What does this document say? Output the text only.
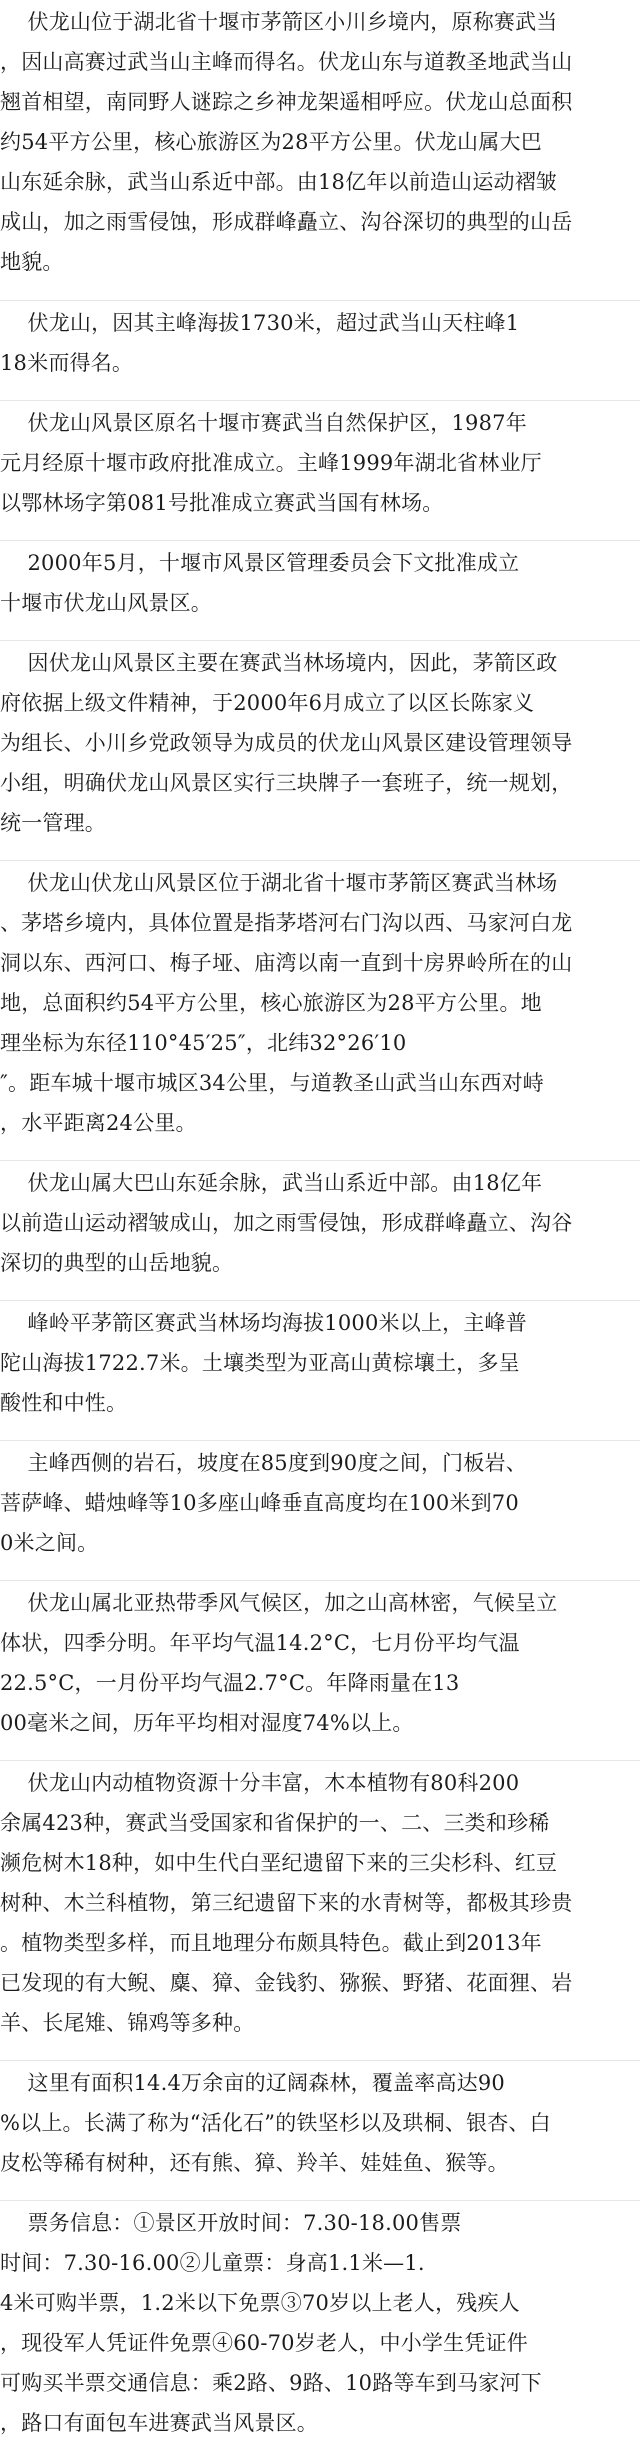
伏龙山位于湖北省十堰市茅箭区小川乡境内，原称赛武当
，因山高赛过武当山主峰而得名。伏龙山东与道教圣地武当山
翘首相望，南同野人谜踪之乡神龙架遥相呼应。伏龙山总面积
约54平方公里，核心旅游区为28平方公里。伏龙山属大巴
山东延余脉，武当山系近中部。由18亿年以前造山运动褶皱
成山，加之雨雪侵蚀，形成群峰矗立、沟谷深切的典型的山岳
地貌。
伏龙山，因其主峰海拔1730米，超过武当山天柱峰1
18米而得名。
伏龙山风景区原名十堰市赛武当自然保护区，1987年
元月经原十堰市政府批准成立。主峰1999年湖北省林业厅
以鄂林场字第081号批准成立赛武当国有林场。
2000年5月，十堰市风景区管理委员会下文批准成立
十堰市伏龙山风景区。
因伏龙山风景区主要在赛武当林场境内，因此，茅箭区政
府依据上级文件精神，于2000年6月成立了以区长陈家义
为组长、小川乡党政领导为成员的伏龙山风景区建设管理领导
小组，明确伏龙山风景区实行三块牌子一套班子，统一规划，
统一管理。
伏龙山伏龙山风景区位于湖北省十堰市茅箭区赛武当林场
、茅塔乡境内，具体位置是指茅塔河右门沟以西、马家河白龙
洞以东、西河口、梅子垭、庙湾以南一直到十房界岭所在的山
地，总面积约54平方公里，核心旅游区为28平方公里。地
理坐标为东径110°45′25″，北纬32°26′10
″。距车城十堰市城区34公里，与道教圣山武当山东西对峙
，水平距离24公里。
伏龙山属大巴山东延余脉，武当山系近中部。由18亿年
以前造山运动褶皱成山，加之雨雪侵蚀，形成群峰矗立、沟谷
深切的典型的山岳地貌。
峰岭平茅箭区赛武当林场均海拔1000米以上，主峰普
陀山海拔1722.7米。土壤类型为亚高山黄棕壤土，多呈
酸性和中性。
主峰西侧的岩石，坡度在85度到90度之间，门板岩、
菩萨峰、蜡烛峰等10多座山峰垂直高度均在100米到70
0米之间。
伏龙山属北亚热带季风气候区，加之山高林密，气候呈立
体状，四季分明。年平均气温14.2°C，七月份平均气温
22.5°C，一月份平均气温2.7°C。年降雨量在13
00毫米之间，历年平均相对湿度74%以上。
伏龙山内动植物资源十分丰富，木本植物有80科200
余属423种，赛武当受国家和省保护的一、二、三类和珍稀
濒危树木18种，如中生代白垩纪遗留下来的三尖杉科、红豆
树种、木兰科植物，第三纪遗留下来的水青树等，都极其珍贵
。植物类型多样，而且地理分布颇具特色。截止到2013年
已发现的有大鲵、麋、獐、金钱豹、猕猴、野猪、花面狸、岩
羊、长尾雉、锦鸡等多种。
这里有面积14.4万余亩的辽阔森林，覆盖率高达90
%以上。长满了称为“活化石”的铁坚杉以及珙桐、银杏、白
皮松等稀有树种，还有熊、獐、羚羊、娃娃鱼、猴等。
票务信息：①景区开放时间：7.30-18.00售票
时间：7.30-16.00②儿童票：身高1.1米—1.
4米可购半票，1.2米以下免票③70岁以上老人，残疾人
，现役军人凭证件免票④60-70岁老人，中小学生凭证件
可购买半票交通信息：乘2路、9路、10路等车到马家河下
，路口有面包车进赛武当风景区。
